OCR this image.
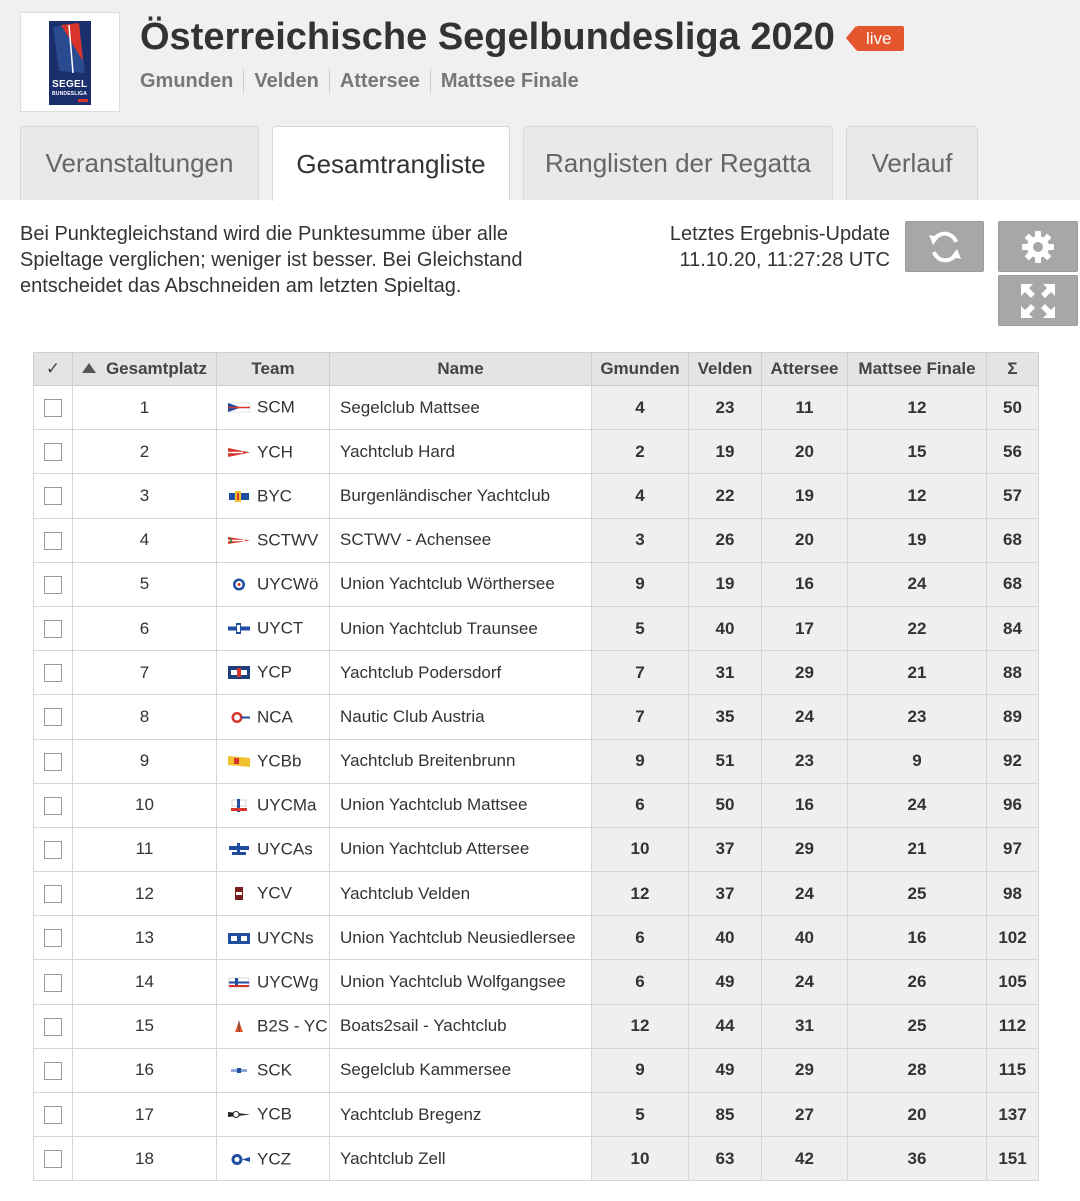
SEGEL
BUNDESLIGA
Österreichische Segelbundesliga 2020	live
Gmunden	Velden	Attersee	Mattsee Finale
Veranstaltungen	Gesamtrangliste	Ranglisten der Regatta	Verlauf
Bei Punktegleichstand wird die Punktesumme über alle Spieltage verglichen; weniger ist besser. Bei Gleichstand entscheidet das Abschneiden am letzten Spieltag.
Letztes Ergebnis-Update
11.10.20, 11:27:28 UTC
✓	Gesamtplatz	Team	Name	Gmunden	Velden	Attersee	Mattsee Finale	Σ
	1	SCM	Segelclub Mattsee	4	23	11	12	50
	2	YCH	Yachtclub Hard	2	19	20	15	56
	3	BYC	Burgenländischer Yachtclub	4	22	19	12	57
	4	SCTWV	SCTWV - Achensee	3	26	20	19	68
	5	UYCWö	Union Yachtclub Wörthersee	9	19	16	24	68
	6	UYCT	Union Yachtclub Traunsee	5	40	17	22	84
	7	YCP	Yachtclub Podersdorf	7	31	29	21	88
	8	NCA	Nautic Club Austria	7	35	24	23	89
	9	YCBb	Yachtclub Breitenbrunn	9	51	23	9	92
	10	UYCMa	Union Yachtclub Mattsee	6	50	16	24	96
	11	UYCAs	Union Yachtclub Attersee	10	37	29	21	97
	12	YCV	Yachtclub Velden	12	37	24	25	98
	13	UYCNs	Union Yachtclub Neusiedlersee	6	40	40	16	102
	14	UYCWg	Union Yachtclub Wolfgangsee	6	49	24	26	105
	15	B2S - YC	Boats2sail - Yachtclub	12	44	31	25	112
	16	SCK	Segelclub Kammersee	9	49	29	28	115
	17	YCB	Yachtclub Bregenz	5	85	27	20	137
	18	YCZ	Yachtclub Zell	10	63	42	36	151
